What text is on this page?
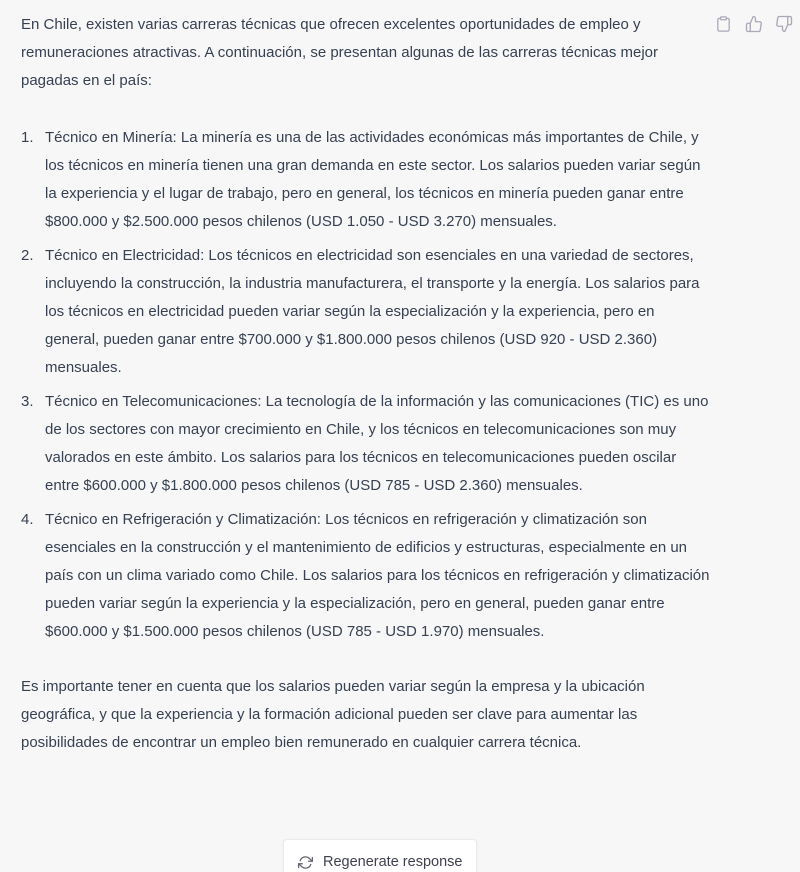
En Chile, existen varias carreras técnicas que ofrecen excelentes oportunidades de empleo y remuneraciones atractivas. A continuación, se presentan algunas de las carreras técnicas mejor pagadas en el país:

1. Técnico en Minería: La minería es una de las actividades económicas más importantes de Chile, y los técnicos en minería tienen una gran demanda en este sector. Los salarios pueden variar según la experiencia y el lugar de trabajo, pero en general, los técnicos en minería pueden ganar entre $800.000 y $2.500.000 pesos chilenos (USD 1.050 - USD 3.270) mensuales.
2. Técnico en Electricidad: Los técnicos en electricidad son esenciales en una variedad de sectores, incluyendo la construcción, la industria manufacturera, el transporte y la energía. Los salarios para los técnicos en electricidad pueden variar según la especialización y la experiencia, pero en general, pueden ganar entre $700.000 y $1.800.000 pesos chilenos (USD 920 - USD 2.360) mensuales.
3. Técnico en Telecomunicaciones: La tecnología de la información y las comunicaciones (TIC) es uno de los sectores con mayor crecimiento en Chile, y los técnicos en telecomunicaciones son muy valorados en este ámbito. Los salarios para los técnicos en telecomunicaciones pueden oscilar entre $600.000 y $1.800.000 pesos chilenos (USD 785 - USD 2.360) mensuales.
4. Técnico en Refrigeración y Climatización: Los técnicos en refrigeración y climatización son esenciales en la construcción y el mantenimiento de edificios y estructuras, especialmente en un país con un clima variado como Chile. Los salarios para los técnicos en refrigeración y climatización pueden variar según la experiencia y la especialización, pero en general, pueden ganar entre $600.000 y $1.500.000 pesos chilenos (USD 785 - USD 1.970) mensuales.

Es importante tener en cuenta que los salarios pueden variar según la empresa y la ubicación geográfica, y que la experiencia y la formación adicional pueden ser clave para aumentar las posibilidades de encontrar un empleo bien remunerado en cualquier carrera técnica.

Regenerate response
